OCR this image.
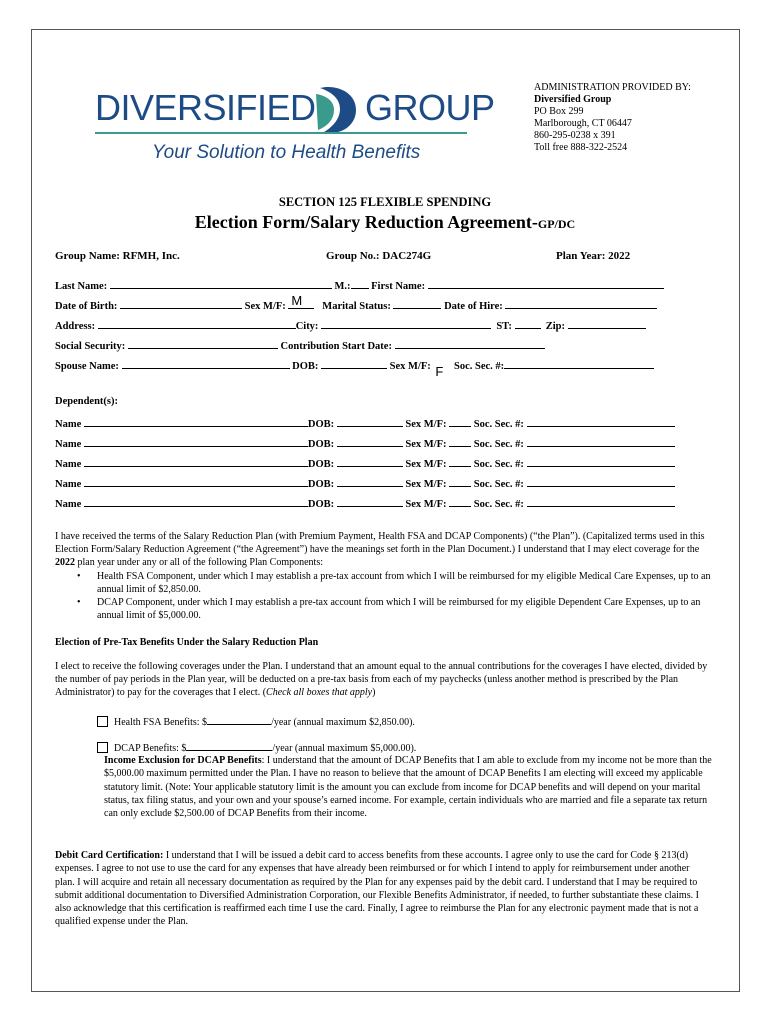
DIVERSIFIED GROUP
Your Solution to Health Benefits
ADMINISTRATION PROVIDED BY:
Diversified Group
PO Box 299
Marlborough, CT 06447
860-295-0238 x 391
Toll free 888-322-2524
SECTION 125 FLEXIBLE SPENDING
Election Form/Salary Reduction Agreement-GP/DC
Group Name: RFMH, Inc.	Group No.: DAC274G	Plan Year: 2022
Last Name:	M.: First Name:
Date of Birth:	Sex M/F: M Marital Status:	Date of Hire:
Address:	City:	ST:	Zip:
Social Security:	Contribution Start Date:
Spouse Name:	DOB:	Sex M/F: F Soc. Sec. #:
Dependent(s):
Name	DOB:	Sex M/F:	Soc. Sec. #:
Name	DOB:	Sex M/F:	Soc. Sec. #:
Name	DOB:	Sex M/F:	Soc. Sec. #:
Name	DOB:	Sex M/F:	Soc. Sec. #:
Name	DOB:	Sex M/F:	Soc. Sec. #:

I have received the terms of the Salary Reduction Plan (with Premium Payment, Health FSA and DCAP Components) (“the Plan”). (Capitalized terms used in this Election Form/Salary Reduction Agreement (“the Agreement”) have the meanings set forth in the Plan Document.) I understand that I may elect coverage for the 2022 plan year under any or all of the following Plan Components:

• Health FSA Component, under which I may establish a pre-tax account from which I will be reimbursed for my eligible Medical Care Expenses, up to an annual limit of $2,850.00.
• DCAP Component, under which I may establish a pre-tax account from which I will be reimbursed for my eligible Dependent Care Expenses, up to an annual limit of $5,000.00.
Election of Pre-Tax Benefits Under the Salary Reduction Plan

I elect to receive the following coverages under the Plan. I understand that an amount equal to the annual contributions for the coverages I have elected, divided by the number of pay periods in the Plan year, will be deducted on a pre-tax basis from each of my paychecks (unless another method is prescribed by the Plan Administrator) to pay for the coverages that I elect. (Check all boxes that apply)

Health FSA Benefits: $	/year (annual maximum $2,850.00).
DCAP Benefits: $	/year (annual maximum $5,000.00).
Income Exclusion for DCAP Benefits: I understand that the amount of DCAP Benefits that I am able to exclude from my income not be more than the $5,000.00 maximum permitted under the Plan. I have no reason to believe that the amount of DCAP Benefits I am electing will exceed my applicable statutory limit. (Note: Your applicable statutory limit is the amount you can exclude from income for DCAP benefits and will depend on your marital status, tax filing status, and your own and your spouse’s earned income. For example, certain individuals who are married and file a separate tax return can only exclude $2,500.00 of DCAP Benefits from their income.
Debit Card Certification: I understand that I will be issued a debit card to access benefits from these accounts. I agree only to use the card for Code § 213(d) expenses. I agree to not use to use the card for any expenses that have already been reimbursed or for which I intend to apply for reimbursement under another plan. I will acquire and retain all necessary documentation as required by the Plan for any expenses paid by the debit card. I understand that I may be required to submit additional documentation to Diversified Administration Corporation, our Flexible Benefits Administrator, if needed, to further substantiate these claims. I also acknowledge that this certification is reaffirmed each time I use the card. Finally, I agree to reimburse the Plan for any electronic payment made that is not a qualified expense under the Plan.
